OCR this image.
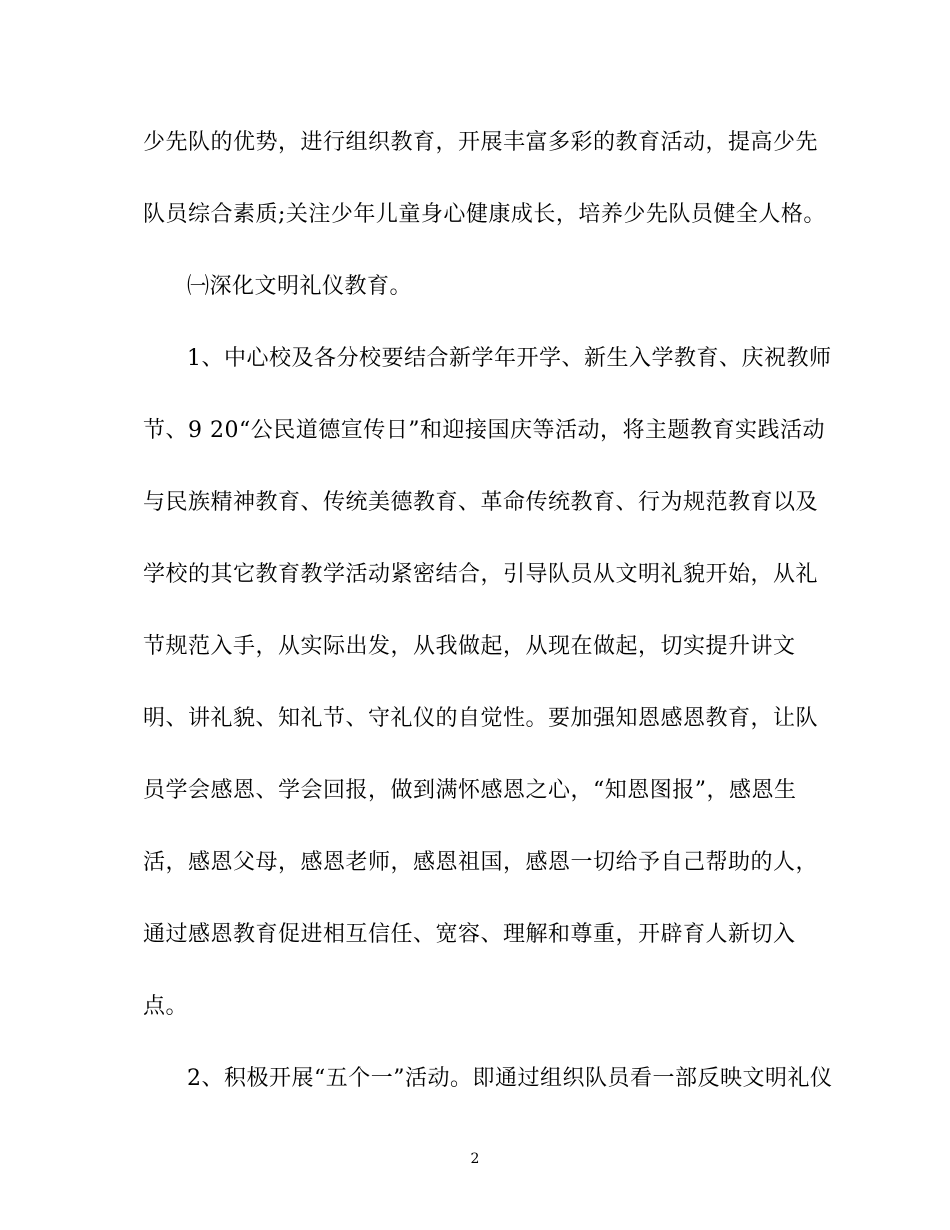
少先队的优势，进行组织教育，开展丰富多彩的教育活动，提高少先
队员综合素质;关注少年儿童身心健康成长，培养少先队员健全人格。
㈠深化文明礼仪教育。
1、中心校及各分校要结合新学年开学、新生入学教育、庆祝教师
节、9 20“公民道德宣传日”和迎接国庆等活动，将主题教育实践活动
与民族精神教育、传统美德教育、革命传统教育、行为规范教育以及
学校的其它教育教学活动紧密结合，引导队员从文明礼貌开始，从礼
节规范入手，从实际出发，从我做起，从现在做起，切实提升讲文
明、讲礼貌、知礼节、守礼仪的自觉性。要加强知恩感恩教育，让队
员学会感恩、学会回报，做到满怀感恩之心，“知恩图报”，感恩生
活，感恩父母，感恩老师，感恩祖国，感恩一切给予自己帮助的人，
通过感恩教育促进相互信任、宽容、理解和尊重，开辟育人新切入
点。
2、积极开展“五个一”活动。即通过组织队员看一部反映文明礼仪
2
